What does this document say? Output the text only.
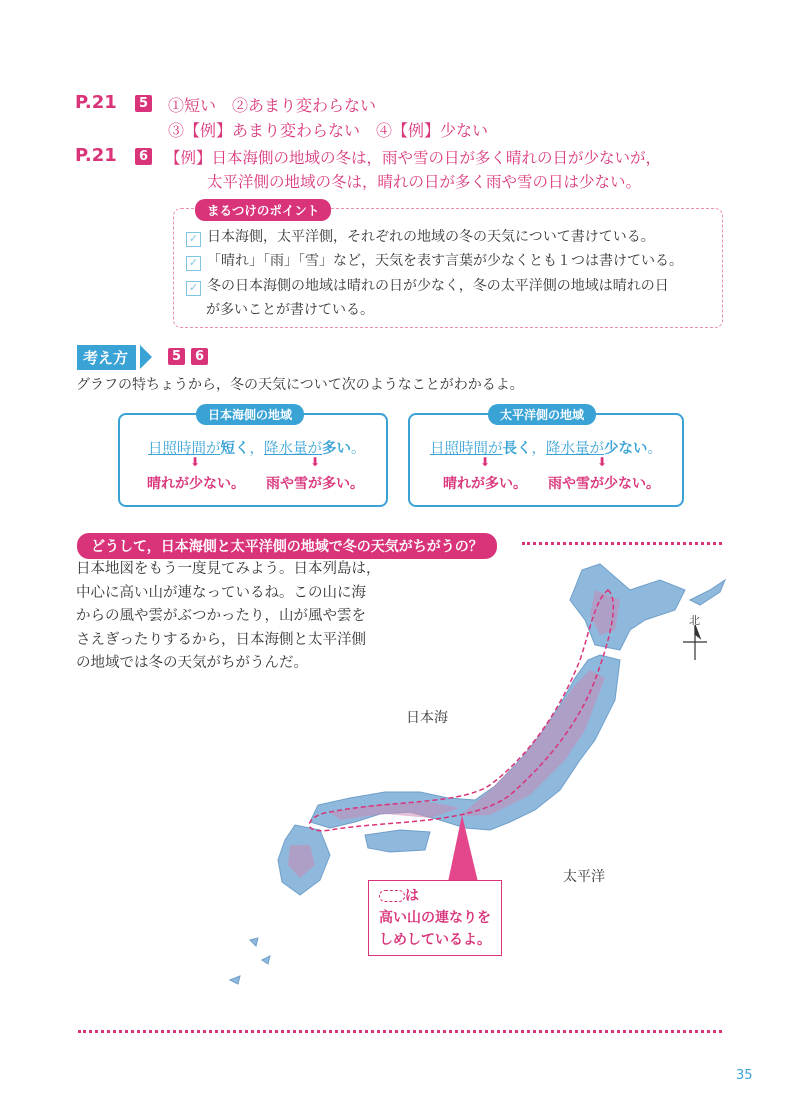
P.21	5 ①短い　②あまり変わらない
③【例】あまり変わらない　④【例】少ない
P.21	6 【例】日本海側の地域の冬は，雨や雪の日が多く晴れの日が少ないが，
太平洋側の地域の冬は，晴れの日が多く雨や雪の日は少ない。
まるつけのポイント
✓ 日本海側，太平洋側，それぞれの地域の冬の天気について書けている。
✓ 「晴れ」「雨」「雪」など，天気を表す言葉が少なくとも１つは書けている。
✓ 冬の日本海側の地域は晴れの日が少なく，冬の太平洋側の地域は晴れの日
が多いことが書けている。
考え方	5	6
グラフの特ちょうから，冬の天気について次のようなことがわかるよ。
日本海側の地域
日照時間が短く，降水量が多い。
⬇	⬇
晴れが少ない。 雨や雪が多い。
太平洋側の地域
日照時間が長く，降水量が少ない。
⬇	⬇
晴れが多い。 雨や雪が少ない。
どうして，日本海側と太平洋側の地域で冬の天気がちがうの？
日本地図をもう一度見てみよう。日本列島は，
中心に高い山が連なっているね。この山に海
からの風や雲がぶつかったり，山が風や雲を
さえぎったりするから，日本海側と太平洋側
の地域では冬の天気がちがうんだ。
北
日本海
太平洋
は
高い山の連なりを
しめしているよ。
35
